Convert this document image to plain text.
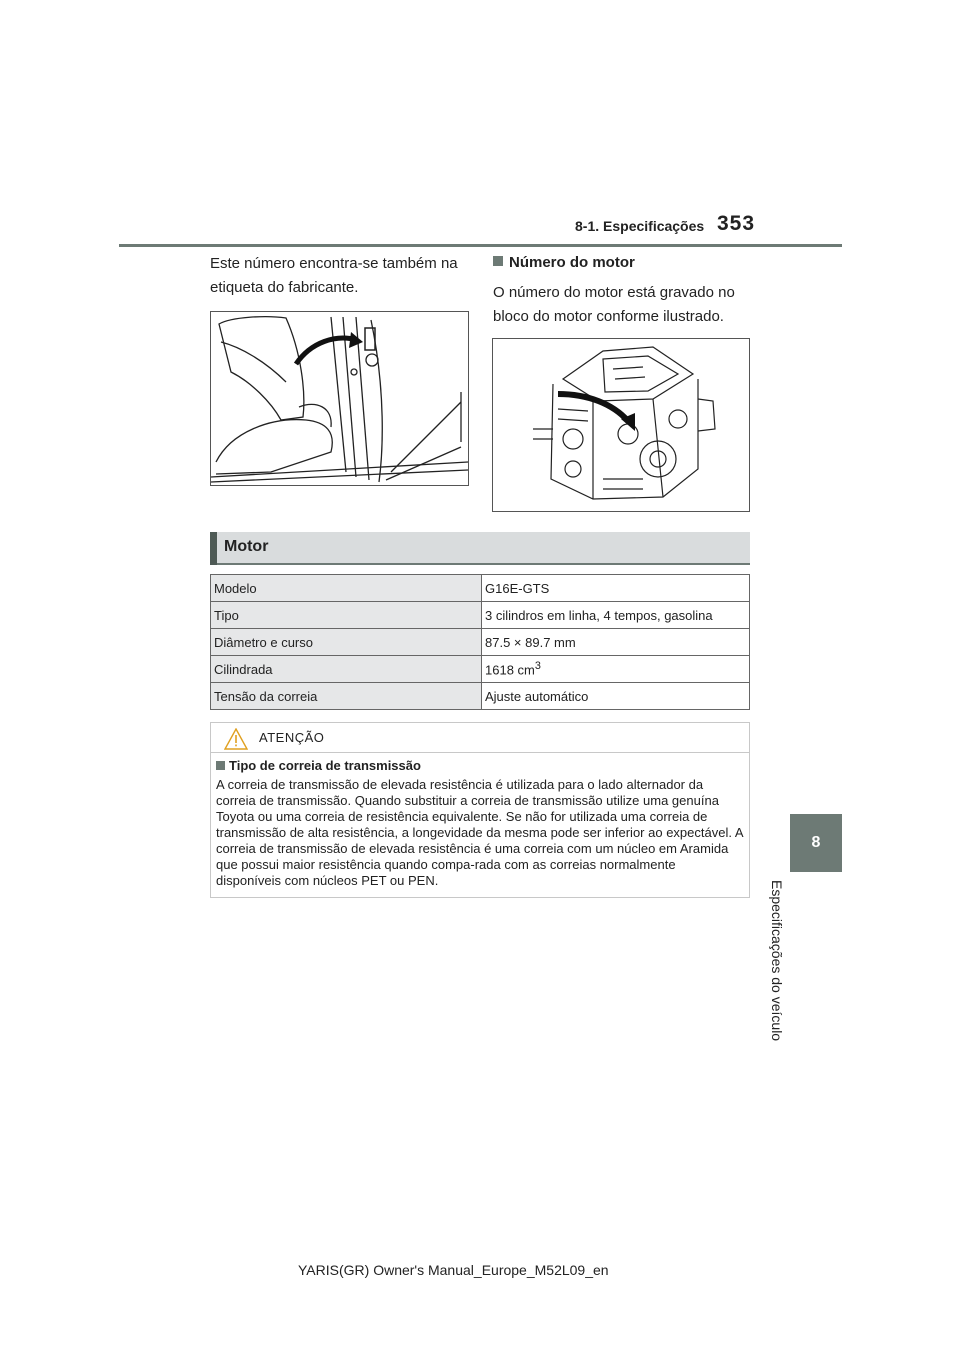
8-1. Especificações 353
8
Especificações do veículo
Este número encontra-se também na etiqueta do fabricante.
Número do motor
O número do motor está gravado no bloco do motor conforme ilustrado.
Motor
Modelo	G16E-GTS
Tipo	3 cilindros em linha, 4 tempos, gasolina
Diâmetro e curso	87.5 × 89.7 mm
Cilindrada	1618 $cm^3$
Tensão da correia	Ajuste automático
ATENÇÃO
Tipo de correia de transmissão
A correia de transmissão de elevada resistência é utilizada para o lado alternador da correia de transmissão. Quando substituir a correia de transmissão utilize uma genuína Toyota ou uma correia de resistência equivalente. Se não for utilizada uma correia de transmissão de alta resistência, a longevidade da mesma pode ser inferior ao expectável. A correia de transmissão de elevada resistência é uma correia com um núcleo em Aramida que possui maior resistência quando compa-rada com as correias normalmente disponíveis com núcleos PET ou PEN.
YARIS(GR) Owner's Manual_Europe_M52L09_en
